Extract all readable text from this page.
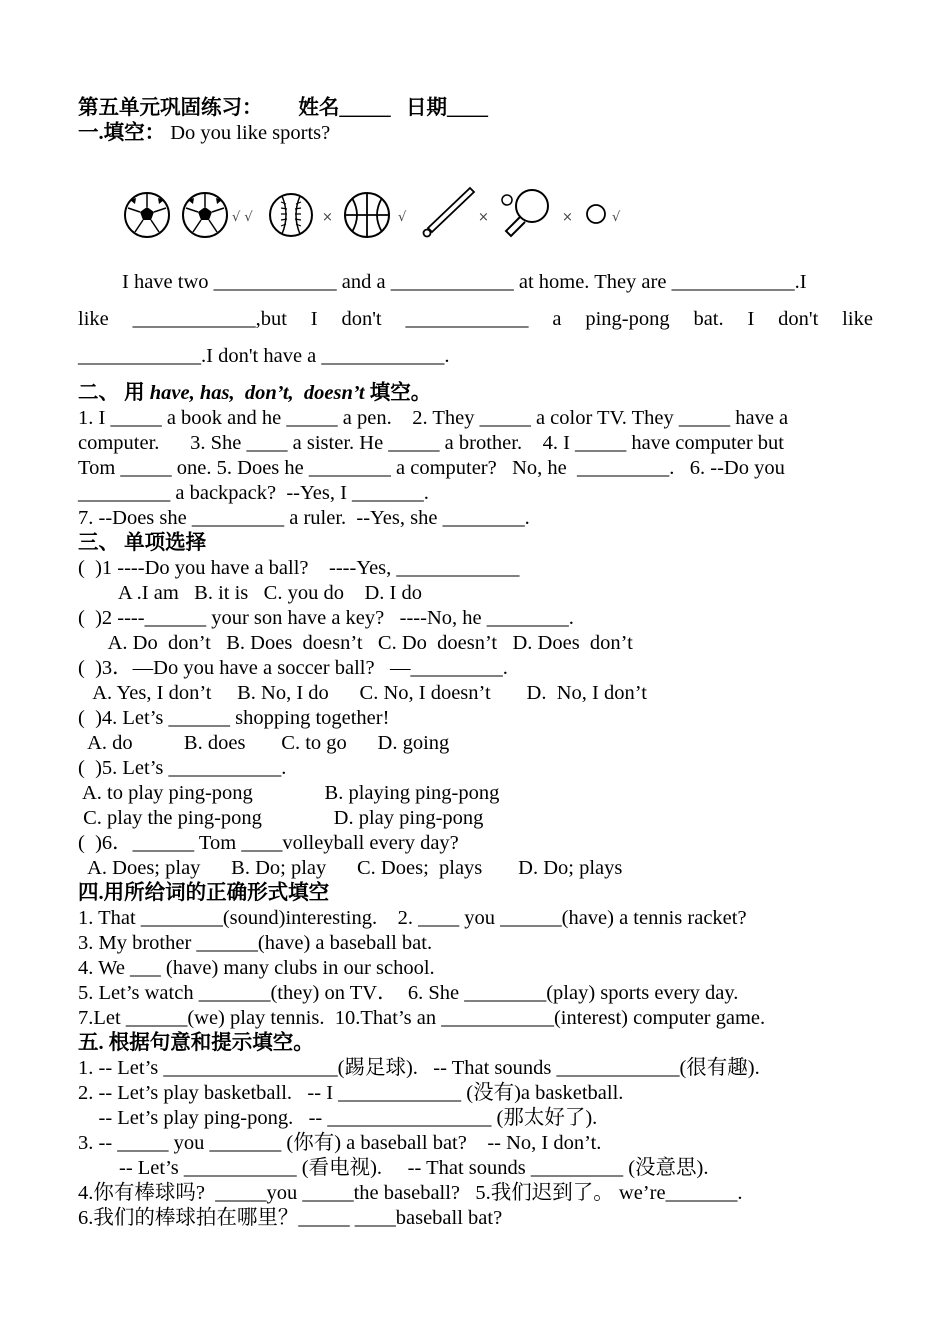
第五单元巩固练习： 姓名_____ 日期____
一.填空： Do you like sports?
√ √	×	√	×	×	√
I have two ____________ and a ____________ at home. They are ____________.I
like ____________,but I don't ____________ a ping-pong bat. I don't like
____________.I don't have a ____________.
二、 用 have, has,  don’t,  doesn’t 填空。
1. I _____ a book and he _____ a pen.    2. They _____ a color TV. They _____ have a
computer.      3. She ____ a sister. He _____ a brother.    4. I _____ have computer but
Tom _____ one. 5. Does he ________ a computer?   No, he  _________.   6. --Do you
_________ a backpack?  --Yes, I _______.
7. --Does she _________ a ruler.  --Yes, she ________.
三、 单项选择
(  )1 ----Do you have a ball?    ----Yes, ____________
A .I am   B. it is   C. you do    D. I do
(  )2 ----______ your son have a key?   ----No, he ________.
A. Do  don’t   B. Does  doesn’t   C. Do  doesn’t   D. Does  don’t
(  )3．—Do you have a soccer ball?   —_________.
A. Yes, I don’t     B. No, I do      C. No, I doesn’t       D.  No, I don’t
(  )4. Let’s ______ shopping together!
A. do          B. does       C. to go      D. going
(  )5. Let’s ___________.
A. to play ping-pong              B. playing ping-pong
C. play the ping-pong              D. play ping-pong
(  )6．______ Tom ____volleyball every day?
A. Does; play      B. Do; play      C. Does;  plays       D. Do; plays
四.用所给词的正确形式填空
1. That ________(sound)interesting.    2. ____ you ______(have) a tennis racket?
3. My brother ______(have) a baseball bat.
4. We ___ (have) many clubs in our school.
5. Let’s watch _______(they) on TV．  6. She ________(play) sports every day.
7.Let ______(we) play tennis.  10.That’s an ___________(interest) computer game.
五. 根据句意和提示填空。
1. -- Let’s _________________(踢足球).   -- That sounds ____________(很有趣).
2. -- Let’s play basketball.   -- I ____________ (没有)a basketball.
-- Let’s play ping-pong.   -- ________________ (那太好了).
3. -- _____ you _______ (你有) a baseball bat?    -- No, I don’t.
-- Let’s ___________ (看电视).     -- That sounds _________ (没意思).
4.你有棒球吗?  _____you _____the baseball?   5.我们迟到了。 we’re_______.
6.我们的棒球拍在哪里？_____ ____baseball bat?
